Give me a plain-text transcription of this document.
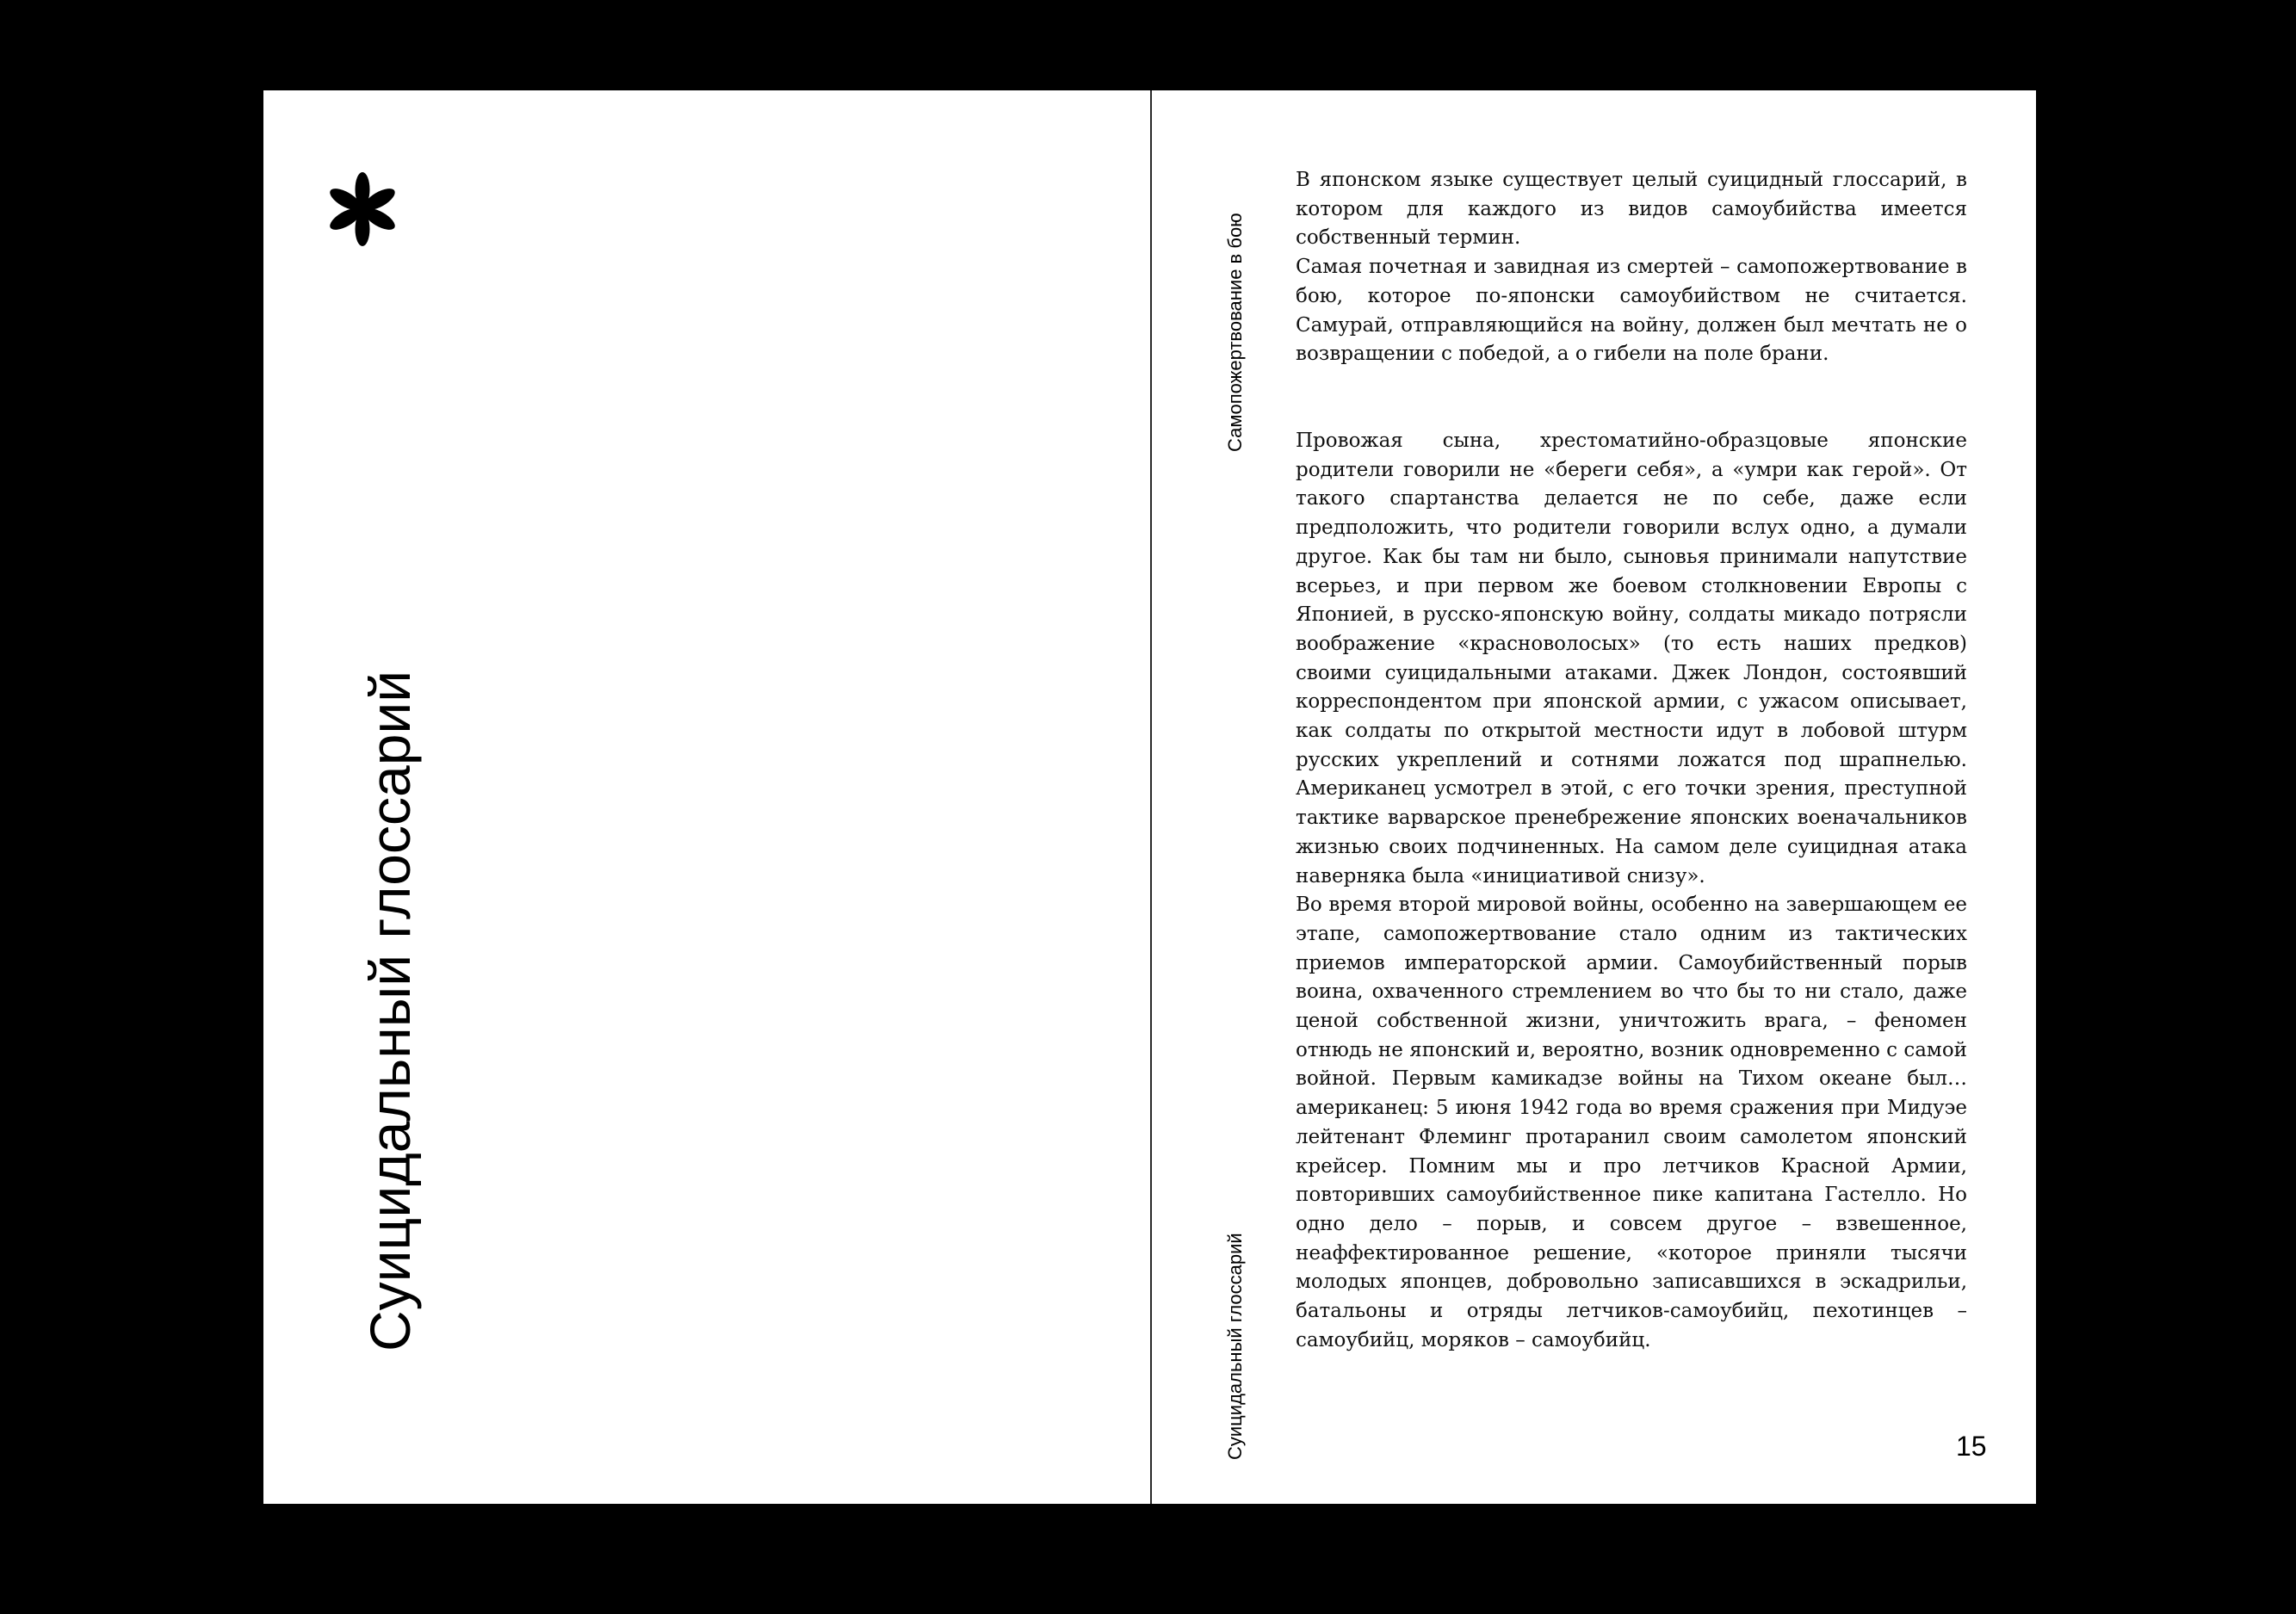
Суицидальный глоссарий
Самопожертвование в бою
Суицидальный глоссарий

В японском языке существует целый суицидный глоссарий, в котором для каждого из видов самоубийства имеется собственный термин.

Самая почетная и завидная из смертей – самопожертвование в бою, которое по-японски самоубийством не считается. Самурай, отправляющийся на войну, должен был мечтать не о возвращении с победой, а о гибели на поле брани.

Провожая сына, хрестоматийно-образцовые японские родители говорили не «береги себя», а «умри как герой». От такого спартанства делается не по себе, даже если предположить, что родители говорили вслух одно, а думали другое. Как бы там ни было, сыновья принимали напутствие всерьез, и при первом же боевом столкновении Европы с Японией, в русско-японскую войну, солдаты микадо потрясли воображение «красноволосых» (то есть наших предков) своими суицидальными атаками. Джек Лондон, состоявший корреспондентом при японской армии, с ужасом описывает, как солдаты по открытой местности идут в лобовой штурм русских укреплений и сотнями ложатся под шрапнелью. Американец усмотрел в этой, с его точки зрения, преступной тактике варварское пренебрежение японских военачальников жизнью своих подчиненных. На самом деле суицидная атака наверняка была «инициативой снизу».

Во время второй мировой войны, особенно на завершающем ее этапе, самопожертвование стало одним из тактических приемов императорской армии. Самоубийственный порыв воина, охваченного стремлением во что бы то ни стало, даже ценой собственной жизни, уничтожить врага, – феномен отнюдь не японский и, вероятно, возник одновременно с самой войной. Первым камикадзе войны на Тихом океане был… американец: 5 июня 1942 года во время сражения при Мидуэе лейтенант Флеминг протаранил своим самолетом японский крейсер. Помним мы и про летчиков Красной Армии, повторивших самоубийственное пике капитана Гастелло. Но одно дело – порыв, и совсем другое – взвешенное, неаффектированное решение, «которое приняли тысячи молодых японцев, добровольно записавшихся в эскадрильи, батальоны и отряды летчиков-самоубийц, пехотинцев – самоубийц, моряков – самоубийц.

15
